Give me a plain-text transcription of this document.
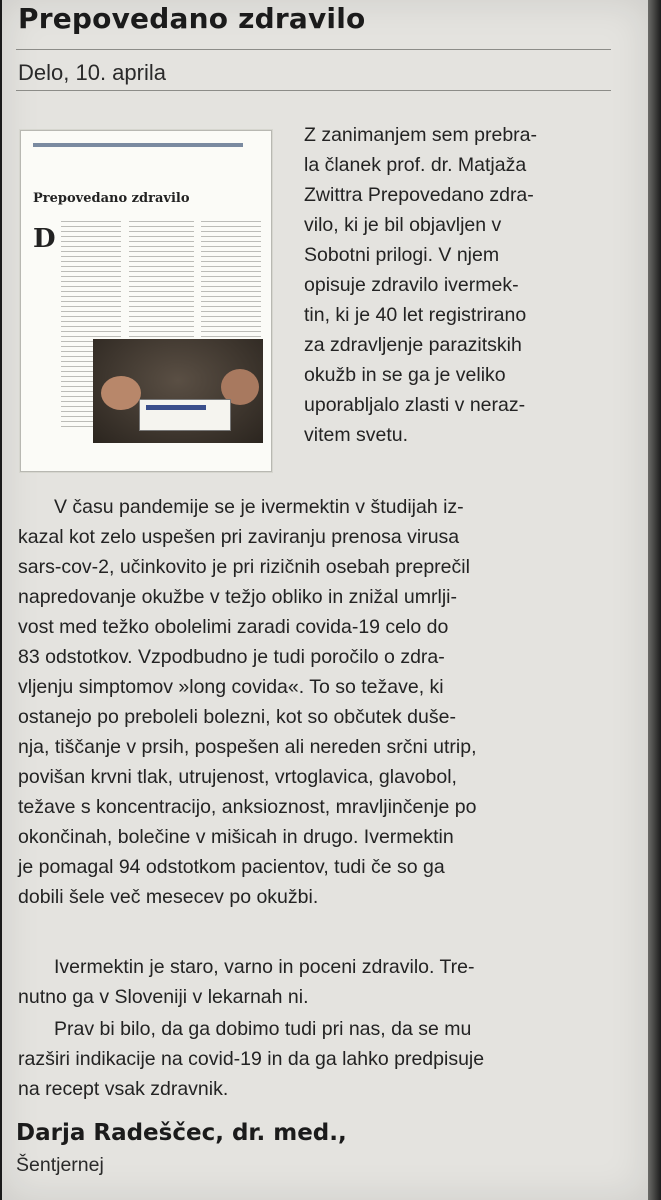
Prepovedano zdravilo

Delo, 10. aprila

Prepovedano zdravilo
D

Z zanimanjem sem prebra-
la članek prof. dr. Matjaža
Zwittra Prepovedano zdra-
vilo, ki je bil objavljen v
Sobotni prilogi. V njem
opisuje zdravilo ivermek-
tin, ki je 40 let registrirano
za zdravljenje parazitskih
okužb in se ga je veliko
uporabljalo zlasti v neraz-
vitem svetu.

V času pandemije se je ivermektin v študijah iz-
kazal kot zelo uspešen pri zaviranju prenosa virusa
sars-cov-2, učinkovito je pri rizičnih osebah preprečil
napredovanje okužbe v težjo obliko in znižal umrlji-
vost med težko obolelimi zaradi covida-19 celo do
83 odstotkov. Vzpodbudno je tudi poročilo o zdra-
vljenju simptomov »long covida«. To so težave, ki
ostanejo po preboleli bolezni, kot so občutek duše-
nja, tiščanje v prsih, pospešen ali nereden srčni utrip,
povišan krvni tlak, utrujenost, vrtoglavica, glavobol,
težave s koncentracijo, anksioznost, mravljinčenje po
okončinah, bolečine v mišicah in drugo. Ivermektin
je pomagal 94 odstotkom pacientov, tudi če so ga
dobili šele več mesecev po okužbi.

Ivermektin je staro, varno in poceni zdravilo. Tre-
nutno ga v Sloveniji v lekarnah ni.

Prav bi bilo, da ga dobimo tudi pri nas, da se mu
razširi indikacije na covid-19 in da ga lahko predpisuje
na recept vsak zdravnik.

Darja Radeščec, dr. med.,

Šentjernej
